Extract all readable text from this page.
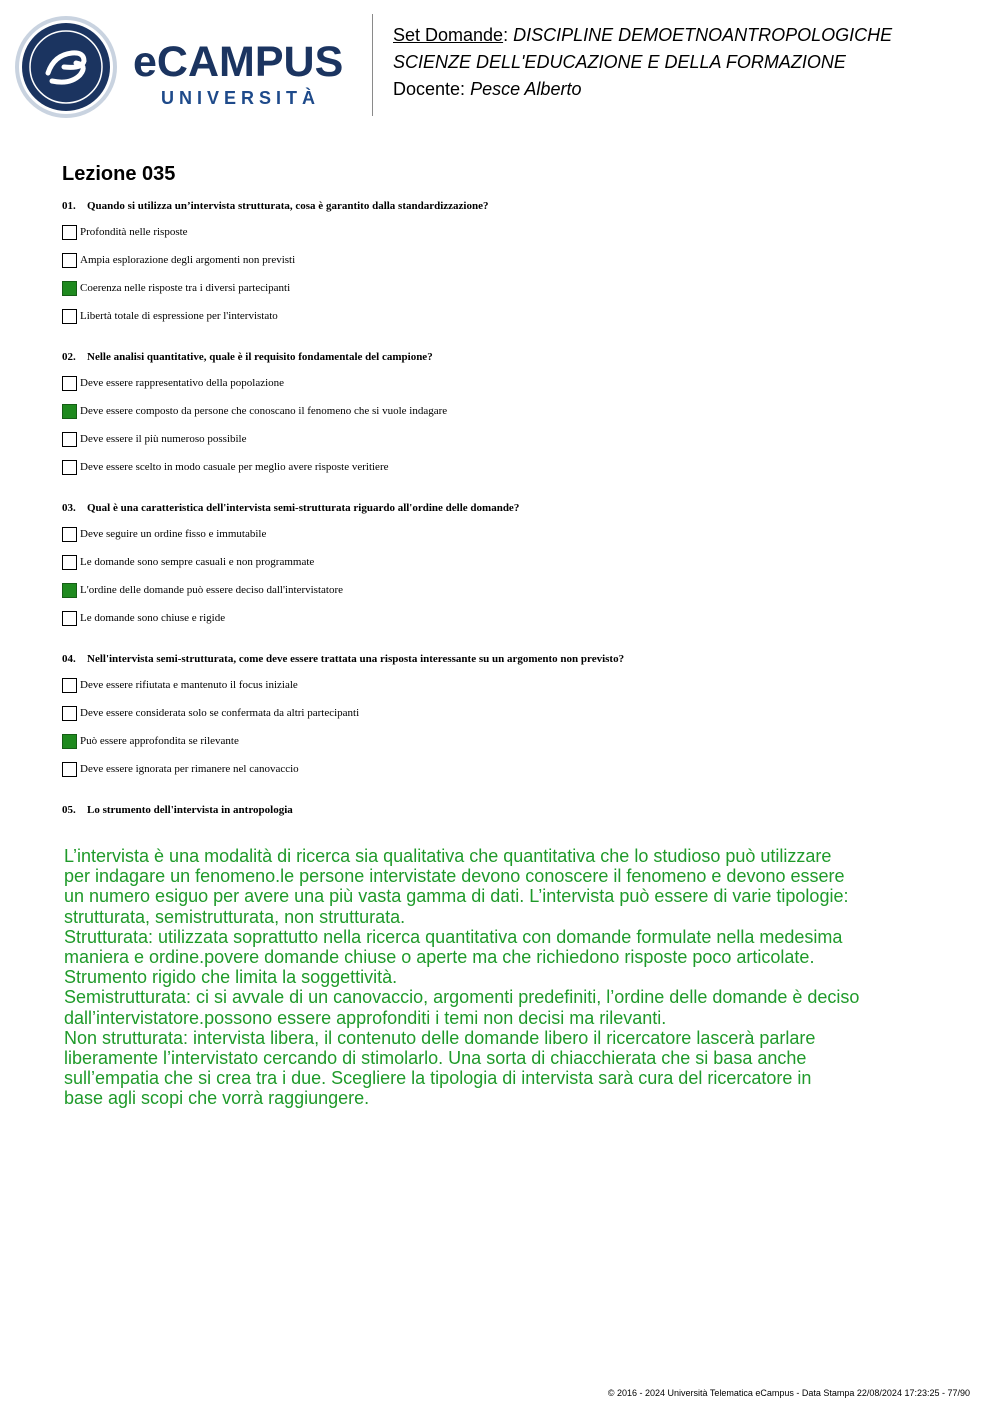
eCAMPUS
UNIVERSITÀ
Set Domande: DISCIPLINE DEMOETNOANTROPOLOGICHE
SCIENZE DELL'EDUCAZIONE E DELLA FORMAZIONE
Docente: Pesce Alberto
Lezione 035
01. Quando si utilizza un’intervista strutturata, cosa è garantito dalla standardizzazione?
Profondità nelle risposte
Ampia esplorazione degli argomenti non previsti
Coerenza nelle risposte tra i diversi partecipanti
Libertà totale di espressione per l'intervistato
02. Nelle analisi quantitative, quale è il requisito fondamentale del campione?
Deve essere rappresentativo della popolazione
Deve essere composto da persone che conoscano il fenomeno che si vuole indagare
Deve essere il più numeroso possibile
Deve essere scelto in modo casuale per meglio avere risposte veritiere
03. Qual è una caratteristica dell'intervista semi-strutturata riguardo all'ordine delle domande?
Deve seguire un ordine fisso e immutabile
Le domande sono sempre casuali e non programmate
L'ordine delle domande può essere deciso dall'intervistatore
Le domande sono chiuse e rigide
04. Nell'intervista semi-strutturata, come deve essere trattata una risposta interessante su un argomento non previsto?
Deve essere rifiutata e mantenuto il focus iniziale
Deve essere considerata solo se confermata da altri partecipanti
Può essere approfondita se rilevante
Deve essere ignorata per rimanere nel canovaccio
05. Lo strumento dell'intervista in antropologia
L’intervista è una modalità di ricerca sia qualitativa che quantitativa che lo studioso può utilizzare
per indagare un fenomeno.le persone intervistate devono conoscere il fenomeno e devono essere
un numero esiguo per avere una più vasta gamma di dati. L’intervista può essere di varie tipologie:
strutturata, semistrutturata, non strutturata.
Strutturata: utilizzata soprattutto nella ricerca quantitativa con domande formulate nella medesima
maniera e ordine.povere domande chiuse o aperte ma che richiedono risposte poco articolate.
Strumento rigido che limita la soggettività.
Semistrutturata: ci si avvale di un canovaccio, argomenti predefiniti, l’ordine delle domande è deciso
dall’intervistatore.possono essere approfonditi i temi non decisi ma rilevanti.
Non strutturata: intervista libera, il contenuto delle domande libero il ricercatore lascerà parlare
liberamente l’intervistato cercando di stimolarlo. Una sorta di chiacchierata che si basa anche
sull’empatia che si crea tra i due. Scegliere la tipologia di intervista sarà cura del ricercatore in
base agli scopi che vorrà raggiungere.
© 2016 - 2024 Università Telematica eCampus - Data Stampa 22/08/2024 17:23:25 - 77/90
